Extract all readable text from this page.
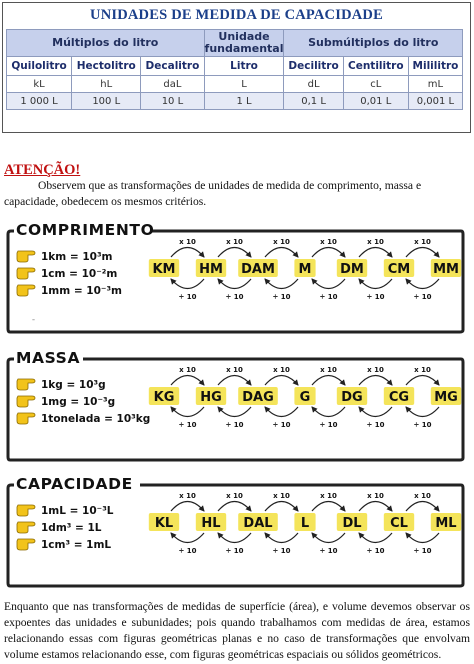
UNIDADES DE MEDIDA DE CAPACIDADE
Múltiplos do litro			Unidade fundamental	Submúltiplos do litro		
Quilolitro	Hectolitro	Decalitro	Litro	Decilitro	Centilitro	Mililitro
kL	hL	daL	L	dL	cL	mL
1 000 L	100 L	10 L	1 L	0,1 L	0,01 L	0,001 L
ATENÇÃO!
Observem que as transformações de unidades de medida de comprimento, massa e capacidade, obedecem os mesmos critérios.
COMPRIMENTO
1km = 10³m
1cm = 10⁻²m
1mm = 10⁻³m
KM HM DAM M DM CM MM
x 10
÷ 10
x 10
÷ 10
x 10
÷ 10
x 10
÷ 10
x 10
÷ 10
x 10
÷ 10
-
MASSA
1kg = 10³g
1mg = 10⁻³g
1tonelada = 10³kg
KG HG DAG G DG CG MG
x 10
÷ 10
x 10
÷ 10
x 10
÷ 10
x 10
÷ 10
x 10
÷ 10
x 10
÷ 10
CAPACIDADE
1mL = 10⁻³L
1dm³ = 1L
1cm³ = 1mL
KL HL DAL L	DL CL ML
x 10
÷ 10
x 10
÷ 10
x 10
÷ 10
x 10
÷ 10
x 10
÷ 10
x 10
÷ 10
Enquanto que nas transformações de medidas de superfície (área), e volume devemos observar os expoentes das unidades e subunidades; pois quando trabalhamos com medidas de área, estamos relacionando essas com figuras geométricas planas e no caso de transformações que envolvam volume estamos relacionando esse, com figuras geométricas espaciais ou sólidos geométricos.
